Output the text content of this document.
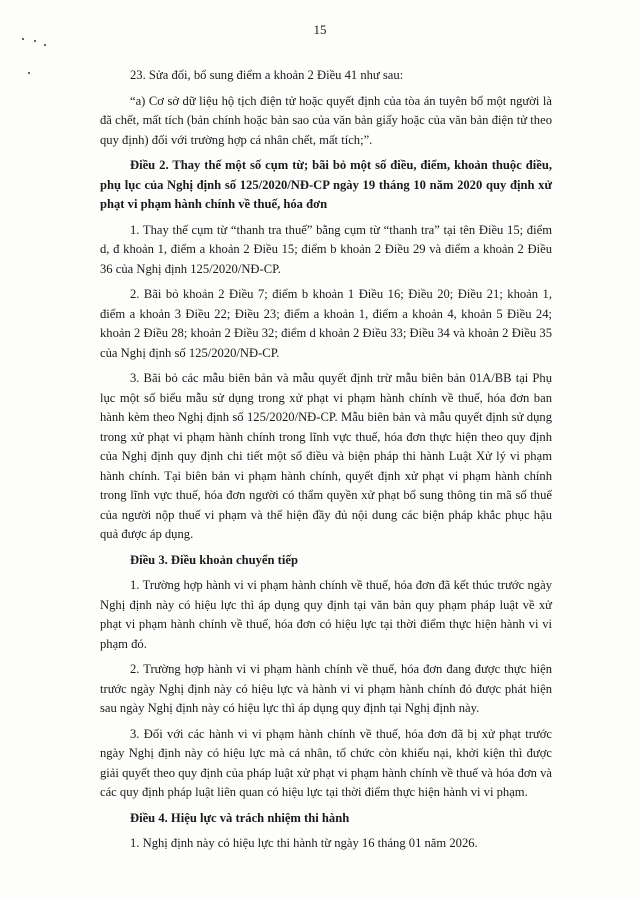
15

23. Sửa đổi, bổ sung điểm a khoản 2 Điều 41 như sau:

“a) Cơ sở dữ liệu hộ tịch điện tử hoặc quyết định của tòa án tuyên bố một người là đã chết, mất tích (bản chính hoặc bản sao của văn bản giấy hoặc của văn bản điện tử theo quy định) đối với trường hợp cá nhân chết, mất tích;”.

Điều 2. Thay thế một số cụm từ; bãi bỏ một số điều, điểm, khoản thuộc điều, phụ lục của Nghị định số 125/2020/NĐ-CP ngày 19 tháng 10 năm 2020 quy định xử phạt vi phạm hành chính về thuế, hóa đơn

1. Thay thế cụm từ “thanh tra thuế” bằng cụm từ “thanh tra” tại tên Điều 15; điểm d, đ khoản 1, điểm a khoản 2 Điều 15; điểm b khoản 2 Điều 29 và điểm a khoản 2 Điều 36 của Nghị định 125/2020/NĐ-CP.

2. Bãi bỏ khoản 2 Điều 7; điểm b khoản 1 Điều 16; Điều 20; Điều 21; khoản 1, điểm a khoản 3 Điều 22; Điều 23; điểm a khoản 1, điểm a khoản 4, khoản 5 Điều 24; khoản 2 Điều 28; khoản 2 Điều 32; điểm d khoản 2 Điều 33; Điều 34 và khoản 2 Điều 35 của Nghị định số 125/2020/NĐ-CP.

3. Bãi bỏ các mẫu biên bản và mẫu quyết định trừ mẫu biên bản 01A/BB tại Phụ lục một số biểu mẫu sử dụng trong xử phạt vi phạm hành chính về thuế, hóa đơn ban hành kèm theo Nghị định số 125/2020/NĐ-CP. Mẫu biên bản và mẫu quyết định sử dụng trong xử phạt vi phạm hành chính trong lĩnh vực thuế, hóa đơn thực hiện theo quy định của Nghị định quy định chi tiết một số điều và biện pháp thi hành Luật Xử lý vi phạm hành chính. Tại biên bản vi phạm hành chính, quyết định xử phạt vi phạm hành chính trong lĩnh vực thuế, hóa đơn người có thẩm quyền xử phạt bổ sung thông tin mã số thuế của người nộp thuế vi phạm và thể hiện đầy đủ nội dung các biện pháp khắc phục hậu quả được áp dụng.

Điều 3. Điều khoản chuyển tiếp

1. Trường hợp hành vi vi phạm hành chính về thuế, hóa đơn đã kết thúc trước ngày Nghị định này có hiệu lực thì áp dụng quy định tại văn bản quy phạm pháp luật về xử phạt vi phạm hành chính về thuế, hóa đơn có hiệu lực tại thời điểm thực hiện hành vi vi phạm đó.

2. Trường hợp hành vi vi phạm hành chính về thuế, hóa đơn đang được thực hiện trước ngày Nghị định này có hiệu lực và hành vi vi phạm hành chính đó được phát hiện sau ngày Nghị định này có hiệu lực thì áp dụng quy định tại Nghị định này.

3. Đối với các hành vi vi phạm hành chính về thuế, hóa đơn đã bị xử phạt trước ngày Nghị định này có hiệu lực mà cá nhân, tổ chức còn khiếu nại, khởi kiện thì được giải quyết theo quy định của pháp luật xử phạt vi phạm hành chính về thuế và hóa đơn và các quy định pháp luật liên quan có hiệu lực tại thời điểm thực hiện hành vi vi phạm.

Điều 4. Hiệu lực và trách nhiệm thi hành

1. Nghị định này có hiệu lực thi hành từ ngày 16 tháng 01 năm 2026.
